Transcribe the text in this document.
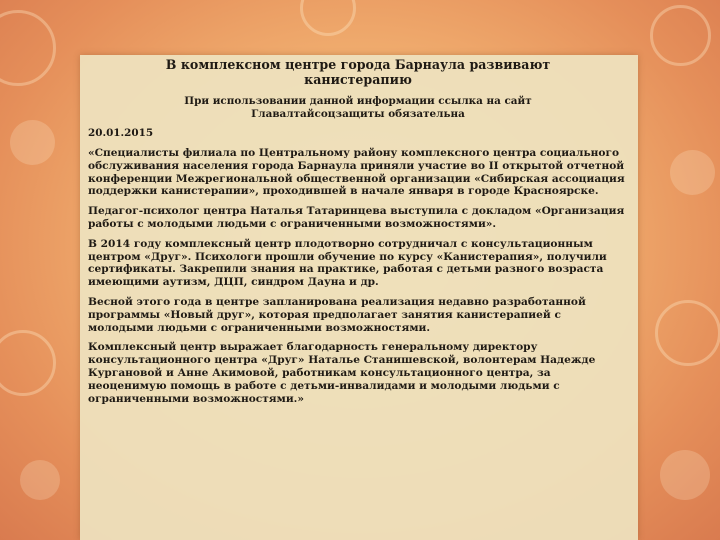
В комплексном центре города Барнаула развивают канистерапию
При использовании данной информации ссылка на сайт Главалтайсоцзащиты обязательна
20.01.2015

«Специалисты филиала по Центральному району комплексного центра социального обслуживания населения города Барнаула приняли участие во II открытой отчетной конференции Межрегиональной общественной организации «Сибирская ассоциация поддержки канистерапии», проходившей в начале января в городе Красноярске.

Педагог-психолог центра Наталья Татаринцева выступила с докладом «Организация работы с молодыми людьми с ограниченными возможностями».

В 2014 году комплексный центр плодотворно сотрудничал с консультационным центром «Друг». Психологи прошли обучение по курсу «Канистерапия», получили сертификаты. Закрепили знания на практике, работая с детьми разного возраста имеющими аутизм, ДЦП, синдром Дауна и др.

Весной этого года в центре запланирована реализация недавно разработанной программы «Новый друг», которая предполагает занятия канистерапией с молодыми людьми с ограниченными возможностями.

Комплексный центр выражает благодарность генеральному директору консультационного центра «Друг» Наталье Станишевской, волонтерам Надежде Кургановой и Анне Акимовой, работникам консультационного центра, за неоценимую помощь в работе с детьми-инвалидами и молодыми людьми с ограниченными возможностями.»
